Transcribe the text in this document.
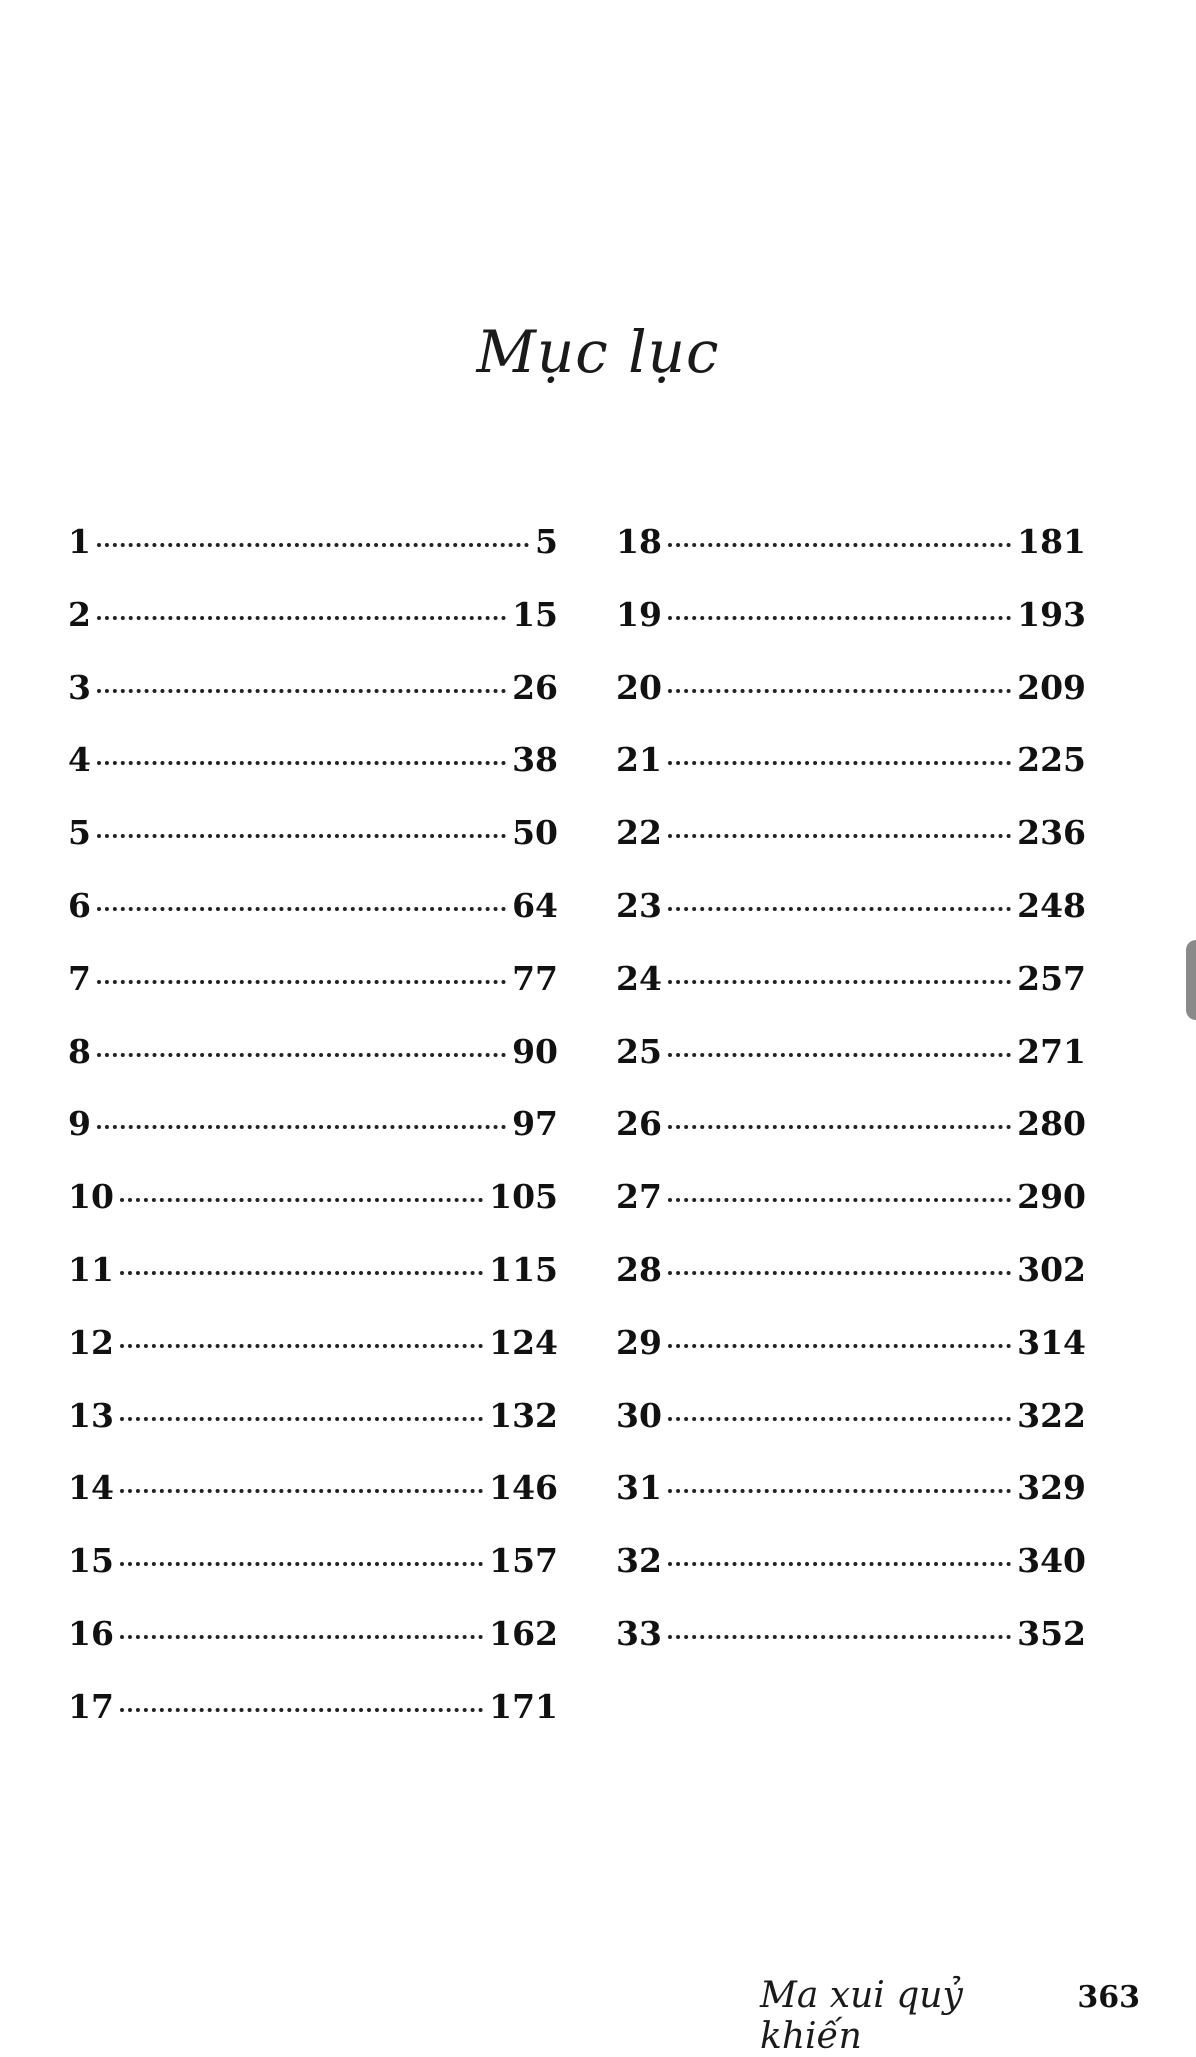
Mục lục
1	5
2	15
3	26
4	38
5	50
6	64
7	77
8	90
9	97
10	105
11	115
12	124
13	132
14	146
15	157
16	162
17	171
18	181
19	193
20	209
21	225
22	236
23	248
24	257
25	271
26	280
27	290
28	302
29	314
30	322
31	329
32	340
33	352
Ma xui quỷ khiến
363
